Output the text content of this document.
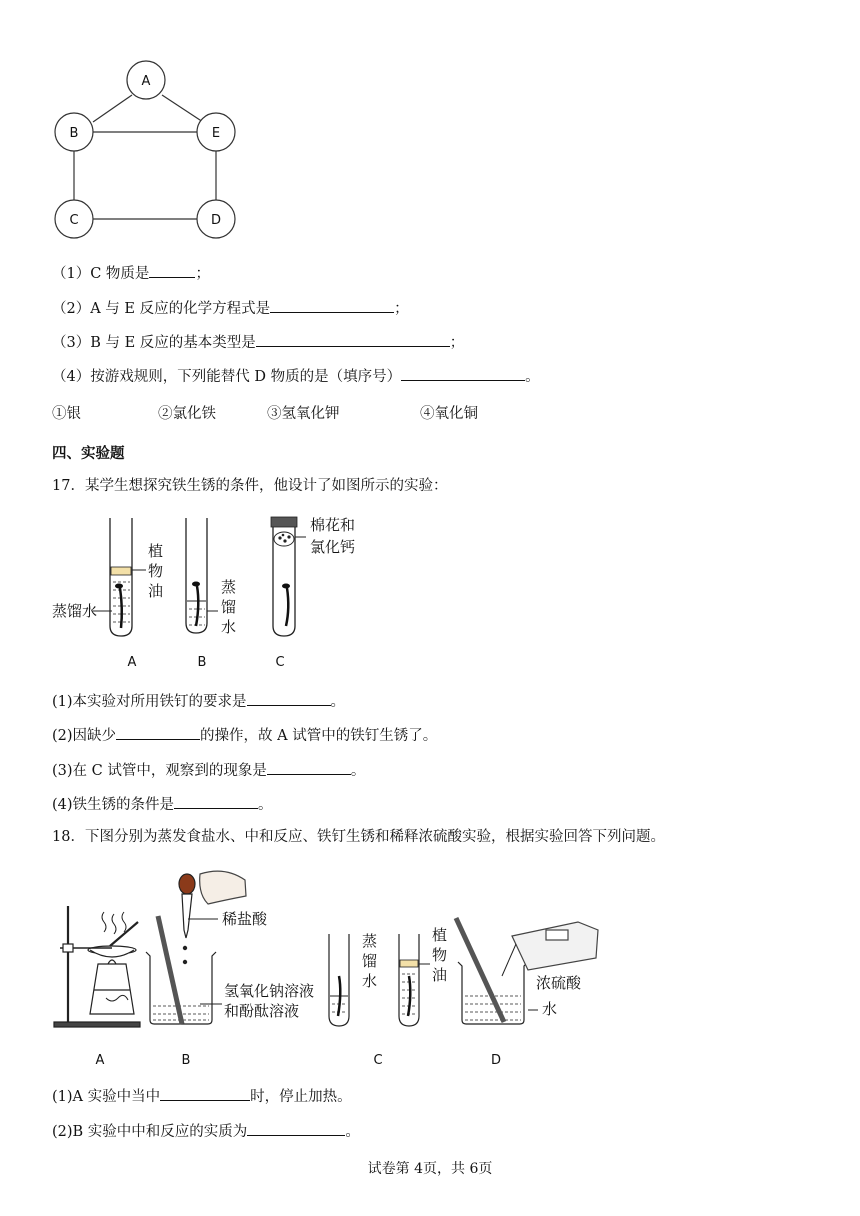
A
B	E
C	D
（1）C 物质是	；
（2）A 与 E 反应的化学方程式是	；
（3）B 与 E 反应的基本类型是	；
（4）按游戏规则，下列能替代 D 物质的是（填序号）	。
①银	②氯化铁	③氢氧化钾	④氧化铜
四、实验题
17．某学生想探究铁生锈的条件，他设计了如图所示的实验：
植
物
油
蒸馏水
蒸
馏
水
棉花和
氯化钙
A	B	C
(1)本实验对所用铁钉的要求是	。
(2)因缺少	的操作，故 A 试管中的铁钉生锈了。
(3)在 C 试管中，观察到的现象是	。
(4)铁生锈的条件是	。
18．下图分别为蒸发食盐水、中和反应、铁钉生锈和稀释浓硫酸实验，根据实验回答下列问题。
稀盐酸
氢氧化钠溶液
和酚酞溶液
蒸
馏
水
植
物
油	浓硫酸
水
A	B	C	D
(1)A 实验中当中	时，停止加热。
(2)B 实验中中和反应的实质为	。
试卷第 4页，共 6页
